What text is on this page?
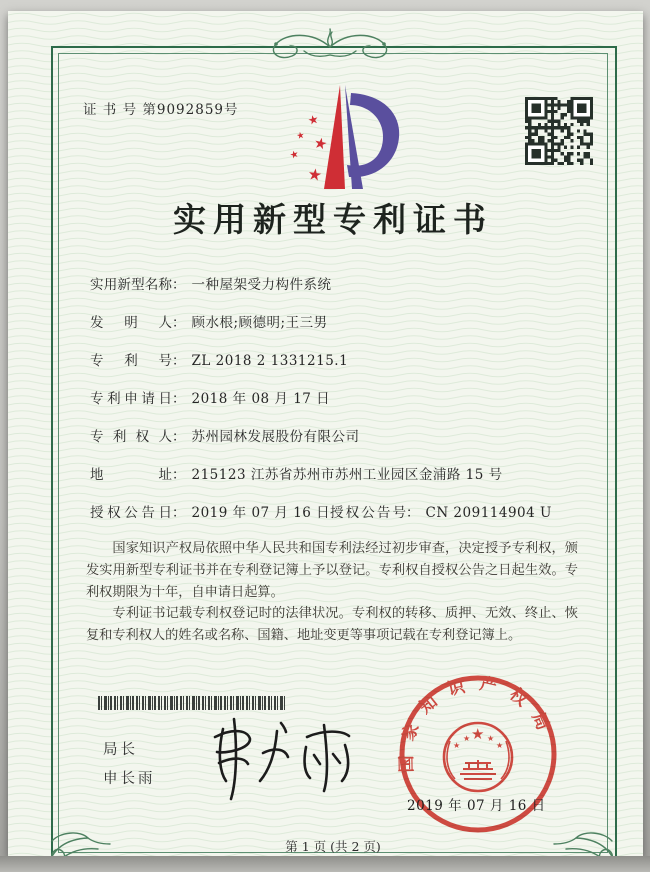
证 书 号 第9092859号
★
★ ★
★
★
实用新型专利证书
实用新型名称： 一种屋架受力构件系统
发明人： 顾水根;顾德明;王三男
专利号： ZL 2018 2 1331215.1
专利申请日： 2018 年 08 月 17 日
专利权人： 苏州园林发展股份有限公司
地址： 215123 江苏省苏州市苏州工业园区金浦路 15 号
授权公告日： 2019 年 07 月 16 日 授权公告号： CN 209114904 U

国家知识产权局依照中华人民共和国专利法经过初步审查，决定授予专利权，颁发实用新型专利证书并在专利登记簿上予以登记。专利权自授权公告之日起生效。专利权期限为十年，自申请日起算。

专利证书记载专利权登记时的法律状况。专利权的转移、质押、无效、终止、恢复和专利权人的姓名或名称、国籍、地址变更等事项记载在专利登记簿上。

局长
申长雨
国家知识产权局
★
★
★ ★
★
2019 年 07 月 16 日
第 1 页 (共 2 页)
